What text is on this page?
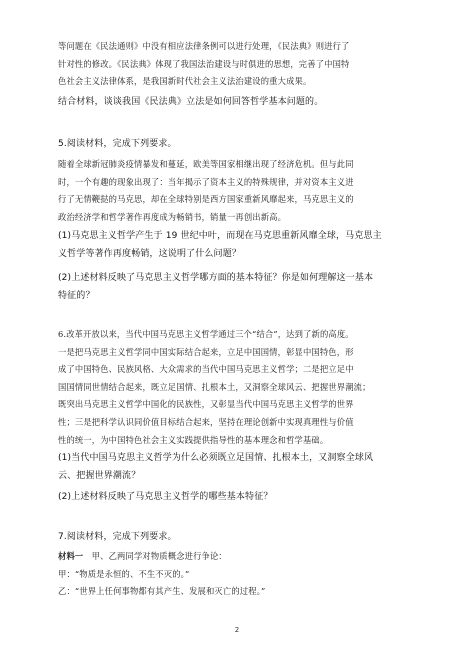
等问题在《民法通则》中没有相应法律条例可以进行处理，《民法典》则进行了
针对性的修改。《民法典》体现了我国法治建设与时俱进的思想，完善了中国特
色社会主义法律体系，是我国新时代社会主义法治建设的重大成果。
结合材料，谈谈我国《民法典》立法是如何回答哲学基本问题的。
5.阅读材料，完成下列要求。
随着全球新冠肺炎疫情暴发和蔓延，欧美等国家相继出现了经济危机。但与此同
时，一个有趣的现象出现了：当年揭示了资本主义的特殊规律，并对资本主义进
行了无情鞭挞的马克思，却在全球特别是西方国家重新风靡起来，马克思主义的
政治经济学和哲学著作再度成为畅销书，销量一再创出新高。
(1)马克思主义哲学产生于 19 世纪中叶，而现在马克思重新风靡全球，马克思主
义哲学等著作再度畅销，这说明了什么问题？
(2)上述材料反映了马克思主义哲学哪方面的基本特征？你是如何理解这一基本
特征的？
6.改革开放以来，当代中国马克思主义哲学通过三个“结合”，达到了新的高度。
一是把马克思主义哲学同中国实际结合起来，立足中国国情，彰显中国特色，形
成了中国特色、民族风格、大众需求的当代中国马克思主义哲学；二是把立足中
国国情同世情结合起来，既立足国情、扎根本土，又洞察全球风云、把握世界潮流；
既突出马克思主义哲学中国化的民族性，又彰显当代中国马克思主义哲学的世界
性；三是把科学认识同价值目标结合起来，坚持在理论创新中实现真理性与价值
性的统一，为中国特色社会主义实践提供指导性的基本理念和哲学基础。
(1)当代中国马克思主义哲学为什么必须既立足国情、扎根本土，又洞察全球风
云、把握世界潮流？
(2)上述材料反映了马克思主义哲学的哪些基本特征？
7.阅读材料，完成下列要求。
材料一 甲、乙两同学对物质概念进行争论：
甲：“物质是永恒的、不生不灭的。”
乙：“世界上任何事物都有其产生、发展和灭亡的过程。”
2
